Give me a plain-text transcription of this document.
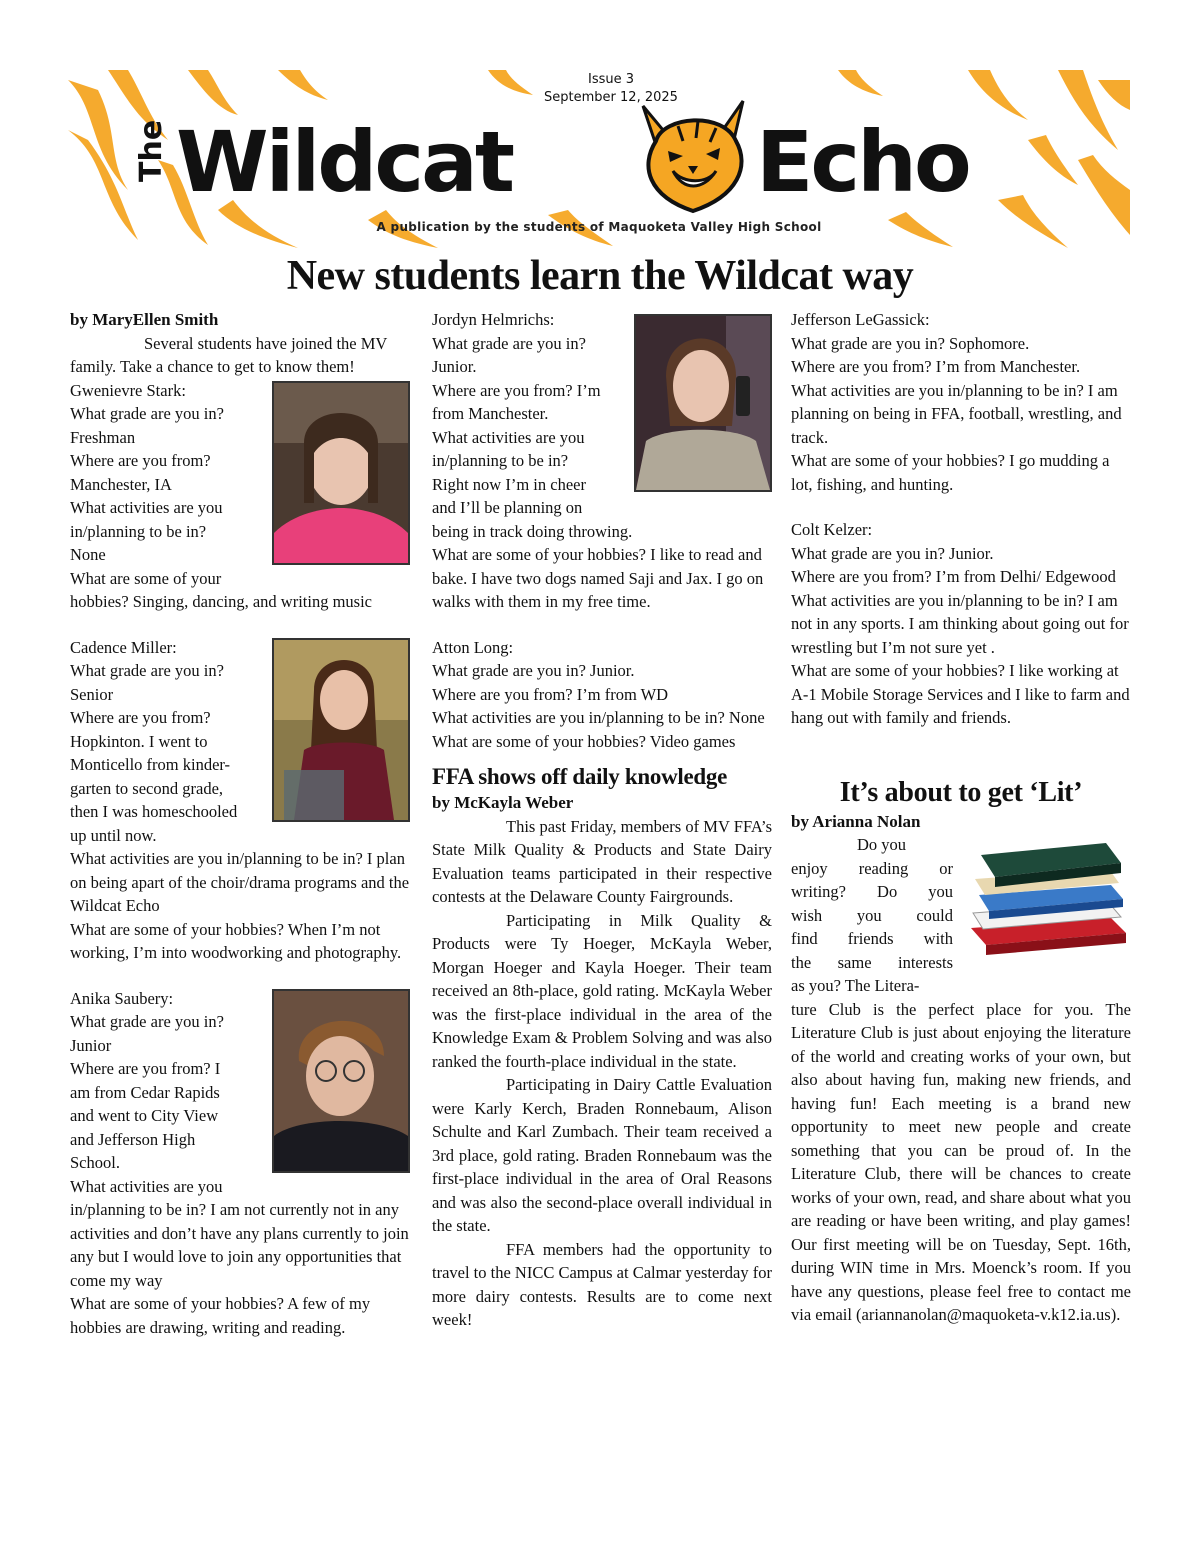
Issue 3
September 12, 2025
The Wildcat	Echo
A publication by the students of Maquoketa Valley High School
New students learn the Wildcat way

by MaryEllen Smith

Several students have joined the MV family. Take a chance to get to know them!

Gwenievre Stark:

What grade are you in?

Freshman

Where are you from?

Manchester, IA

What activities are you

in/planning to be in?

None

What are some of your

hobbies? Singing, dancing, and writing music

Cadence Miller:

What grade are you in?

Senior

Where are you from?

Hopkinton. I went to

Monticello from kinder-

garten to second grade,

then I was homeschooled

up until now.

What activities are you in/planning to be in? I plan on being apart of the choir/drama programs and the Wildcat Echo

What are some of your hobbies? When I’m not working, I’m into woodworking and photography.

Anika Saubery:

What grade are you in?

Junior

Where are you from? I

am from Cedar Rapids

and went to City View

and Jefferson High

School.

What activities are you

in/planning to be in? I am not currently not in any activities and don’t have any plans currently to join any but I would love to join any opportunities that come my way

What are some of your hobbies? A few of my hobbies are drawing, writing and reading.

Jordyn Helmrichs:

What grade are you in?

Junior.

Where are you from? I’m

from Manchester.

What activities are you

in/planning to be in?

Right now I’m in cheer

and I’ll be planning on

being in track doing throwing.

What are some of your hobbies? I like to read and bake. I have two dogs named Saji and Jax. I go on walks with them in my free time.

Atton Long:

What grade are you in? Junior.

Where are you from? I’m from WD

What activities are you in/planning to be in? None

What are some of your hobbies? Video games

FFA shows off daily knowledge

by McKayla Weber

This past Friday, members of MV FFA’s State Milk Quality & Products and State Dairy Evaluation teams participated in their respective contests at the Delaware County Fairgrounds.

Participating in Milk Quality & Products were Ty Hoeger, McKayla Weber, Morgan Hoeger and Kayla Hoeger. Their team received an 8th-place, gold rating. McKayla Weber was the first-place individual in the area of the Knowledge Exam & Problem Solving and was also ranked the fourth-place individual in the state.

Participating in Dairy Cattle Evaluation were Karly Kerch, Braden Ronnebaum, Alison Schulte and Karl Zumbach. Their team received a 3rd place, gold rating. Braden Ronnebaum was the first-place individual in the area of Oral Reasons and was also the second-place overall individual in the state.

FFA members had the opportunity to travel to the NICC Campus at Calmar yesterday for more dairy contests. Results are to come next week!

Jefferson LeGassick:

What grade are you in? Sophomore.

Where are you from? I’m from Manchester.

What activities are you in/planning to be in? I am planning on being in FFA, football, wrestling, and track.

What are some of your hobbies? I go mudding a lot, fishing, and hunting.

Colt Kelzer:

What grade are you in? Junior.

Where are you from? I’m from Delhi/ Edgewood

What activities are you in/planning to be in? I am not in any sports. I am thinking about going out for wrestling but I’m not sure yet .

What are some of your hobbies? I like working at A-1 Mobile Storage Services and I like to farm and hang out with family and friends.

It’s about to get ‘Lit’

by Arianna Nolan

Do you

enjoy reading or

writing? Do you

wish you could

find friends with

the same interests

as you? The Litera-

ture Club is the perfect place for you. The Literature Club is just about enjoying the literature of the world and creating works of your own, but also about having fun, making new friends, and having fun! Each meeting is a brand new opportunity to meet new people and create something that you can be proud of. In the Literature Club, there will be chances to create works of your own, read, and share about what you are reading or have been writing, and play games! Our first meeting will be on Tuesday, Sept. 16th, during WIN time in Mrs. Moenck’s room. If you have any questions, please feel free to contact me via email (ariannanolan@maquoketa-v.k12.ia.us).
